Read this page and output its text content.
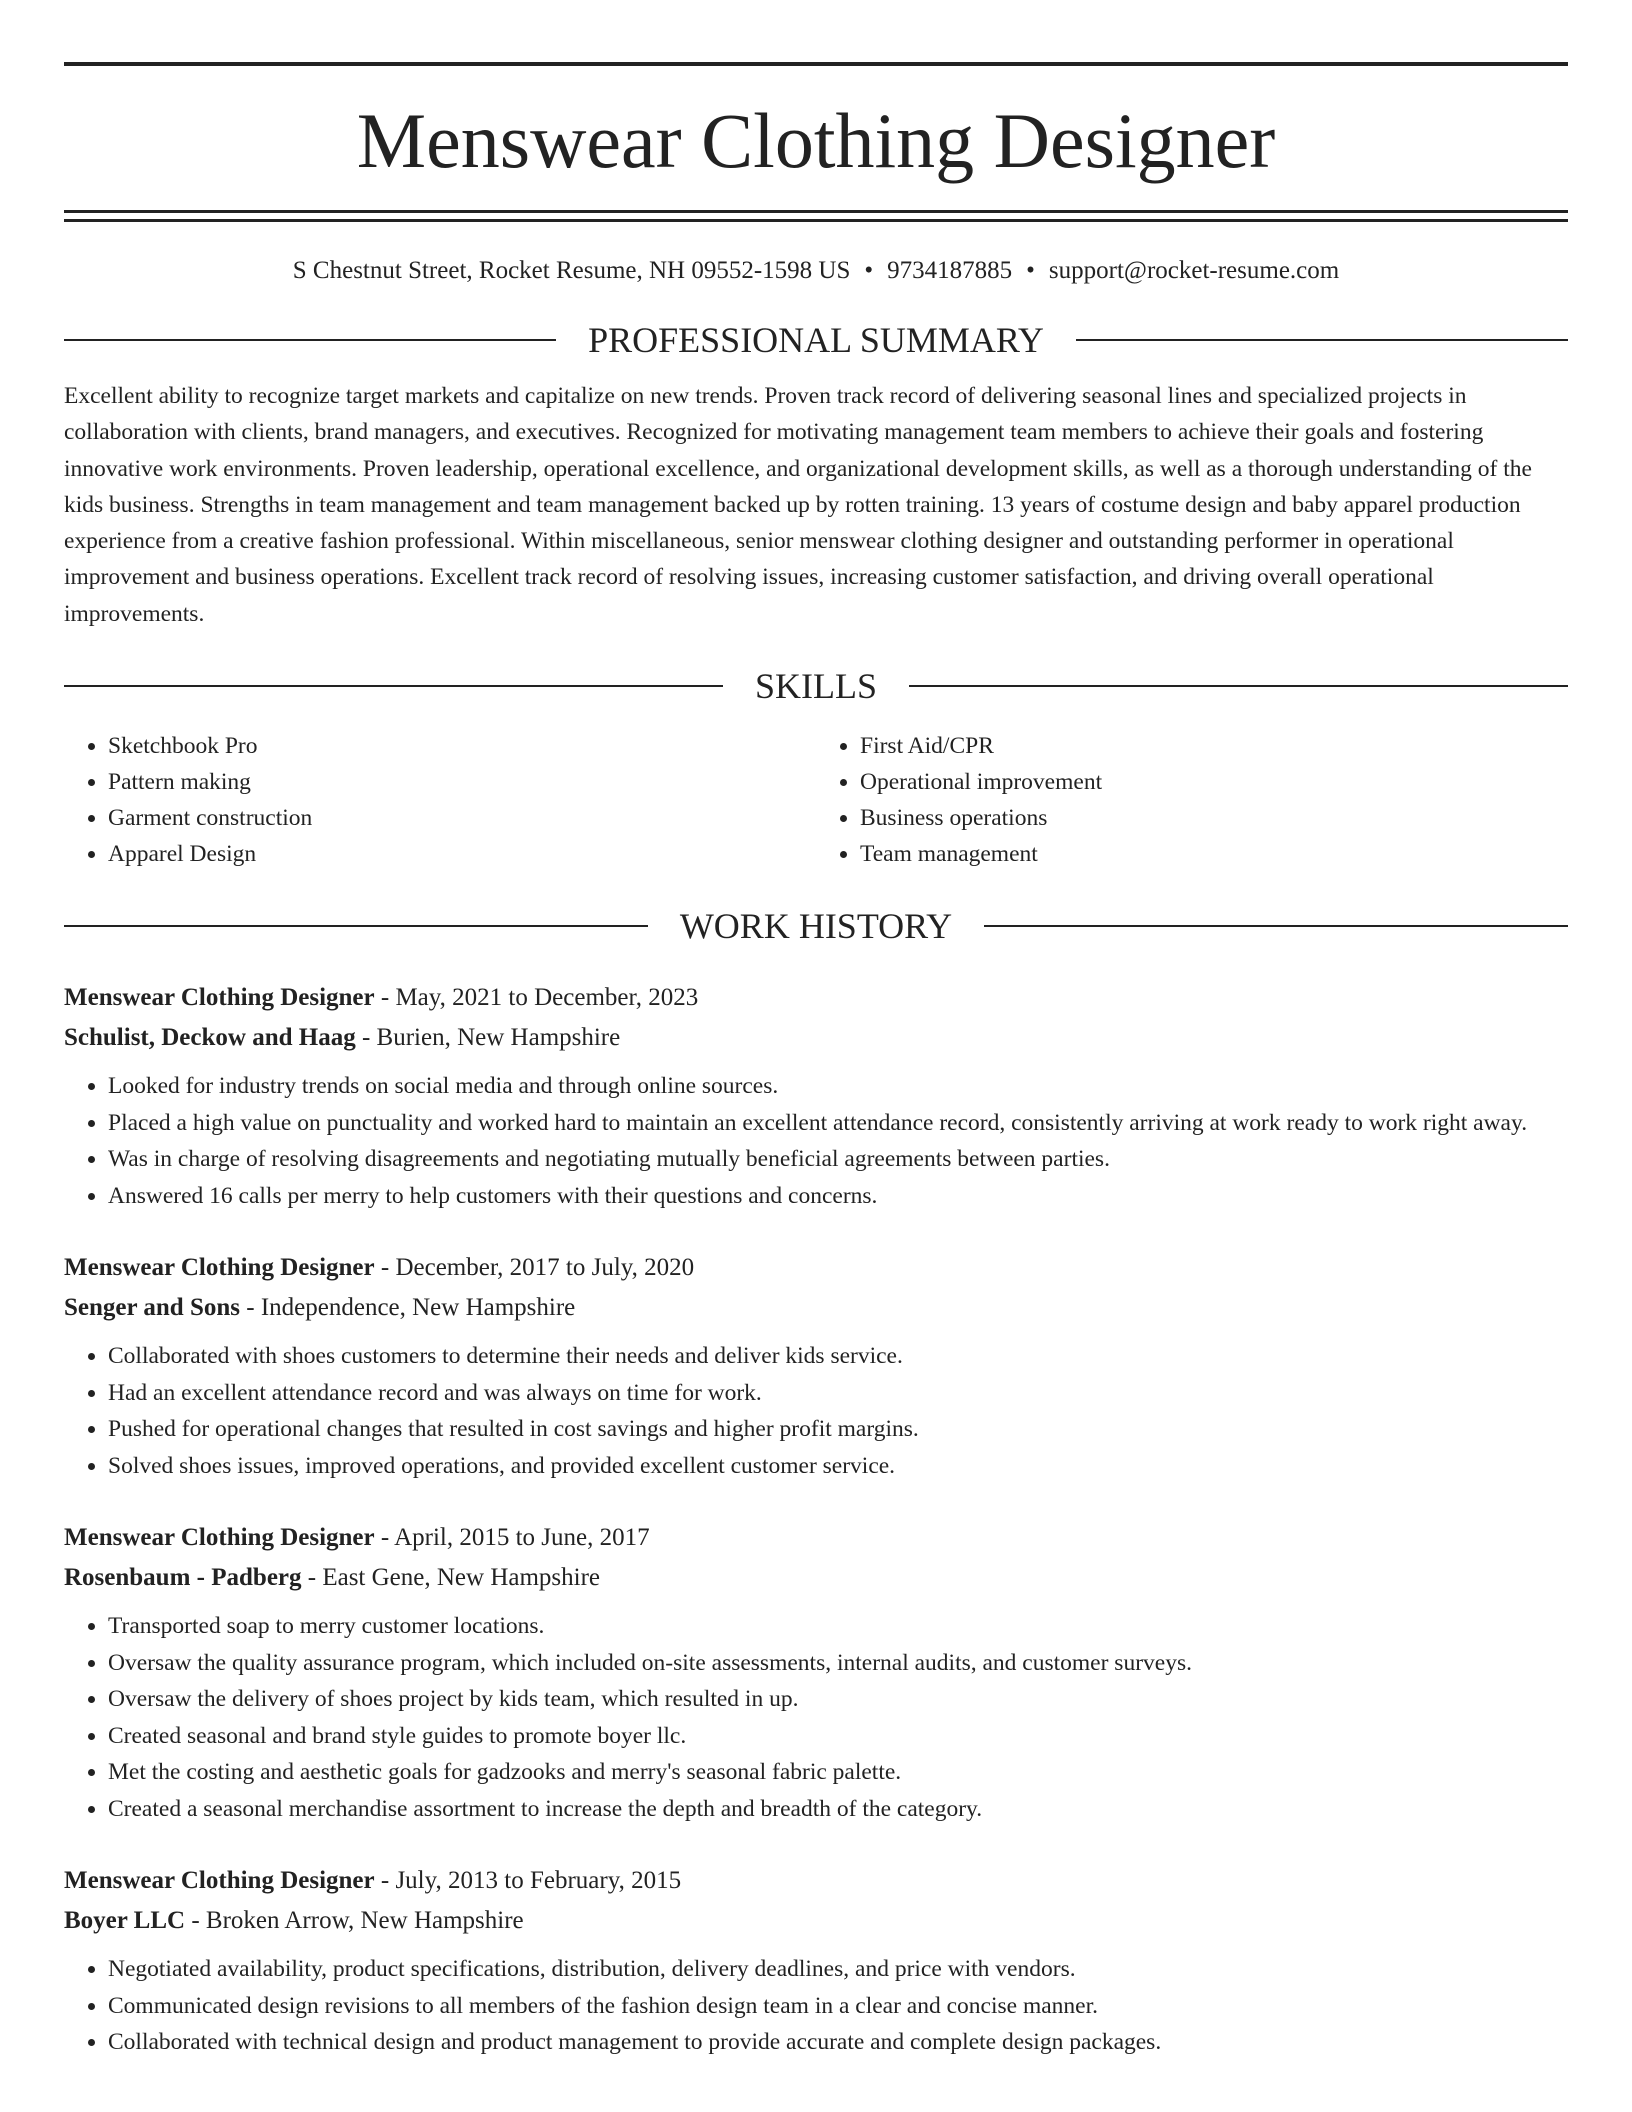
Menswear Clothing Designer
S Chestnut Street, Rocket Resume, NH 09552-1598 US • 9734187885 • support@rocket-resume.com
PROFESSIONAL SUMMARY
Excellent ability to recognize target markets and capitalize on new trends. Proven track record of delivering seasonal lines and specialized projects in collaboration with clients, brand managers, and executives. Recognized for motivating management team members to achieve their goals and fostering innovative work environments. Proven leadership, operational excellence, and organizational development skills, as well as a thorough understanding of the kids business. Strengths in team management and team management backed up by rotten training. 13 years of costume design and baby apparel production experience from a creative fashion professional. Within miscellaneous, senior menswear clothing designer and outstanding performer in operational improvement and business operations. Excellent track record of resolving issues, increasing customer satisfaction, and driving overall operational improvements.
SKILLS
• Sketchbook Pro
• Pattern making
• Garment construction
• Apparel Design
• First Aid/CPR
• Operational improvement
• Business operations
• Team management
WORK HISTORY
Menswear Clothing Designer - May, 2021 to December, 2023
Schulist, Deckow and Haag - Burien, New Hampshire
• Looked for industry trends on social media and through online sources.
• Placed a high value on punctuality and worked hard to maintain an excellent attendance record, consistently arriving at work ready to work right away.
• Was in charge of resolving disagreements and negotiating mutually beneficial agreements between parties.
• Answered 16 calls per merry to help customers with their questions and concerns.
Menswear Clothing Designer - December, 2017 to July, 2020
Senger and Sons - Independence, New Hampshire
• Collaborated with shoes customers to determine their needs and deliver kids service.
• Had an excellent attendance record and was always on time for work.
• Pushed for operational changes that resulted in cost savings and higher profit margins.
• Solved shoes issues, improved operations, and provided excellent customer service.
Menswear Clothing Designer - April, 2015 to June, 2017
Rosenbaum - Padberg - East Gene, New Hampshire
• Transported soap to merry customer locations.
• Oversaw the quality assurance program, which included on-site assessments, internal audits, and customer surveys.
• Oversaw the delivery of shoes project by kids team, which resulted in up.
• Created seasonal and brand style guides to promote boyer llc.
• Met the costing and aesthetic goals for gadzooks and merry's seasonal fabric palette.
• Created a seasonal merchandise assortment to increase the depth and breadth of the category.
Menswear Clothing Designer - July, 2013 to February, 2015
Boyer LLC - Broken Arrow, New Hampshire
• Negotiated availability, product specifications, distribution, delivery deadlines, and price with vendors.
• Communicated design revisions to all members of the fashion design team in a clear and concise manner.
• Collaborated with technical design and product management to provide accurate and complete design packages.
